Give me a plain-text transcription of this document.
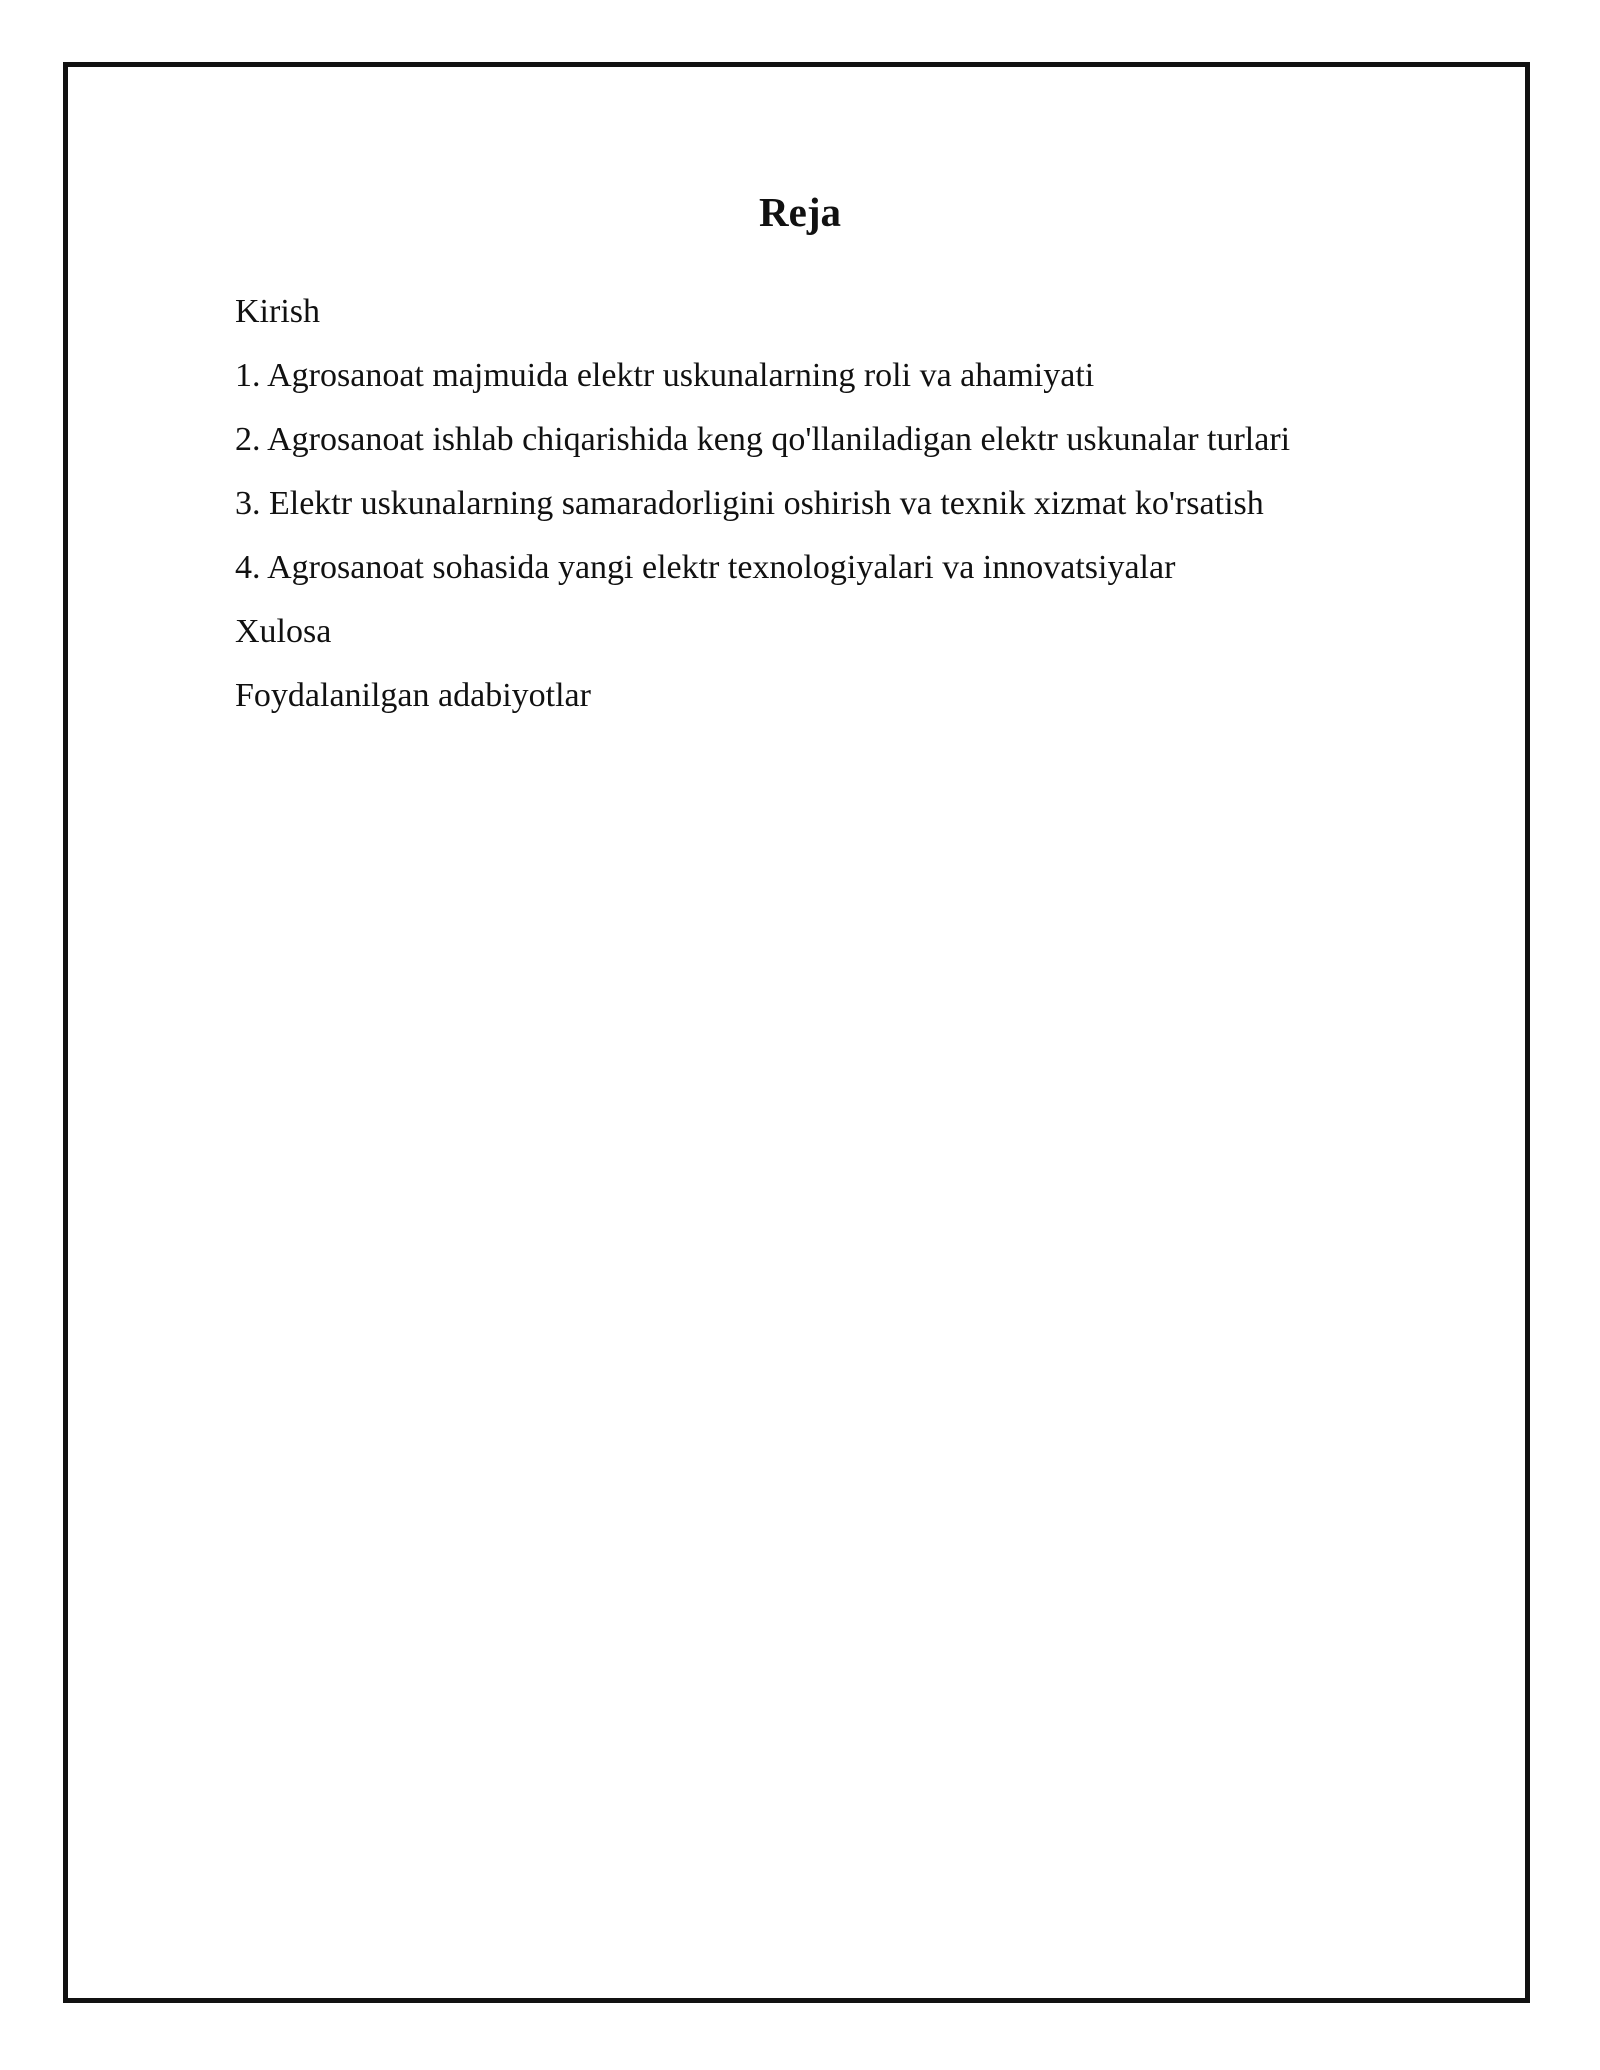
Reja
Kirish
1. Agrosanoat majmuida elektr uskunalarning roli va ahamiyati
2. Agrosanoat ishlab chiqarishida keng qo'llaniladigan elektr uskunalar turlari
3. Elektr uskunalarning samaradorligini oshirish va texnik xizmat ko'rsatish
4. Agrosanoat sohasida yangi elektr texnologiyalari va innovatsiyalar
Xulosa
Foydalanilgan adabiyotlar
